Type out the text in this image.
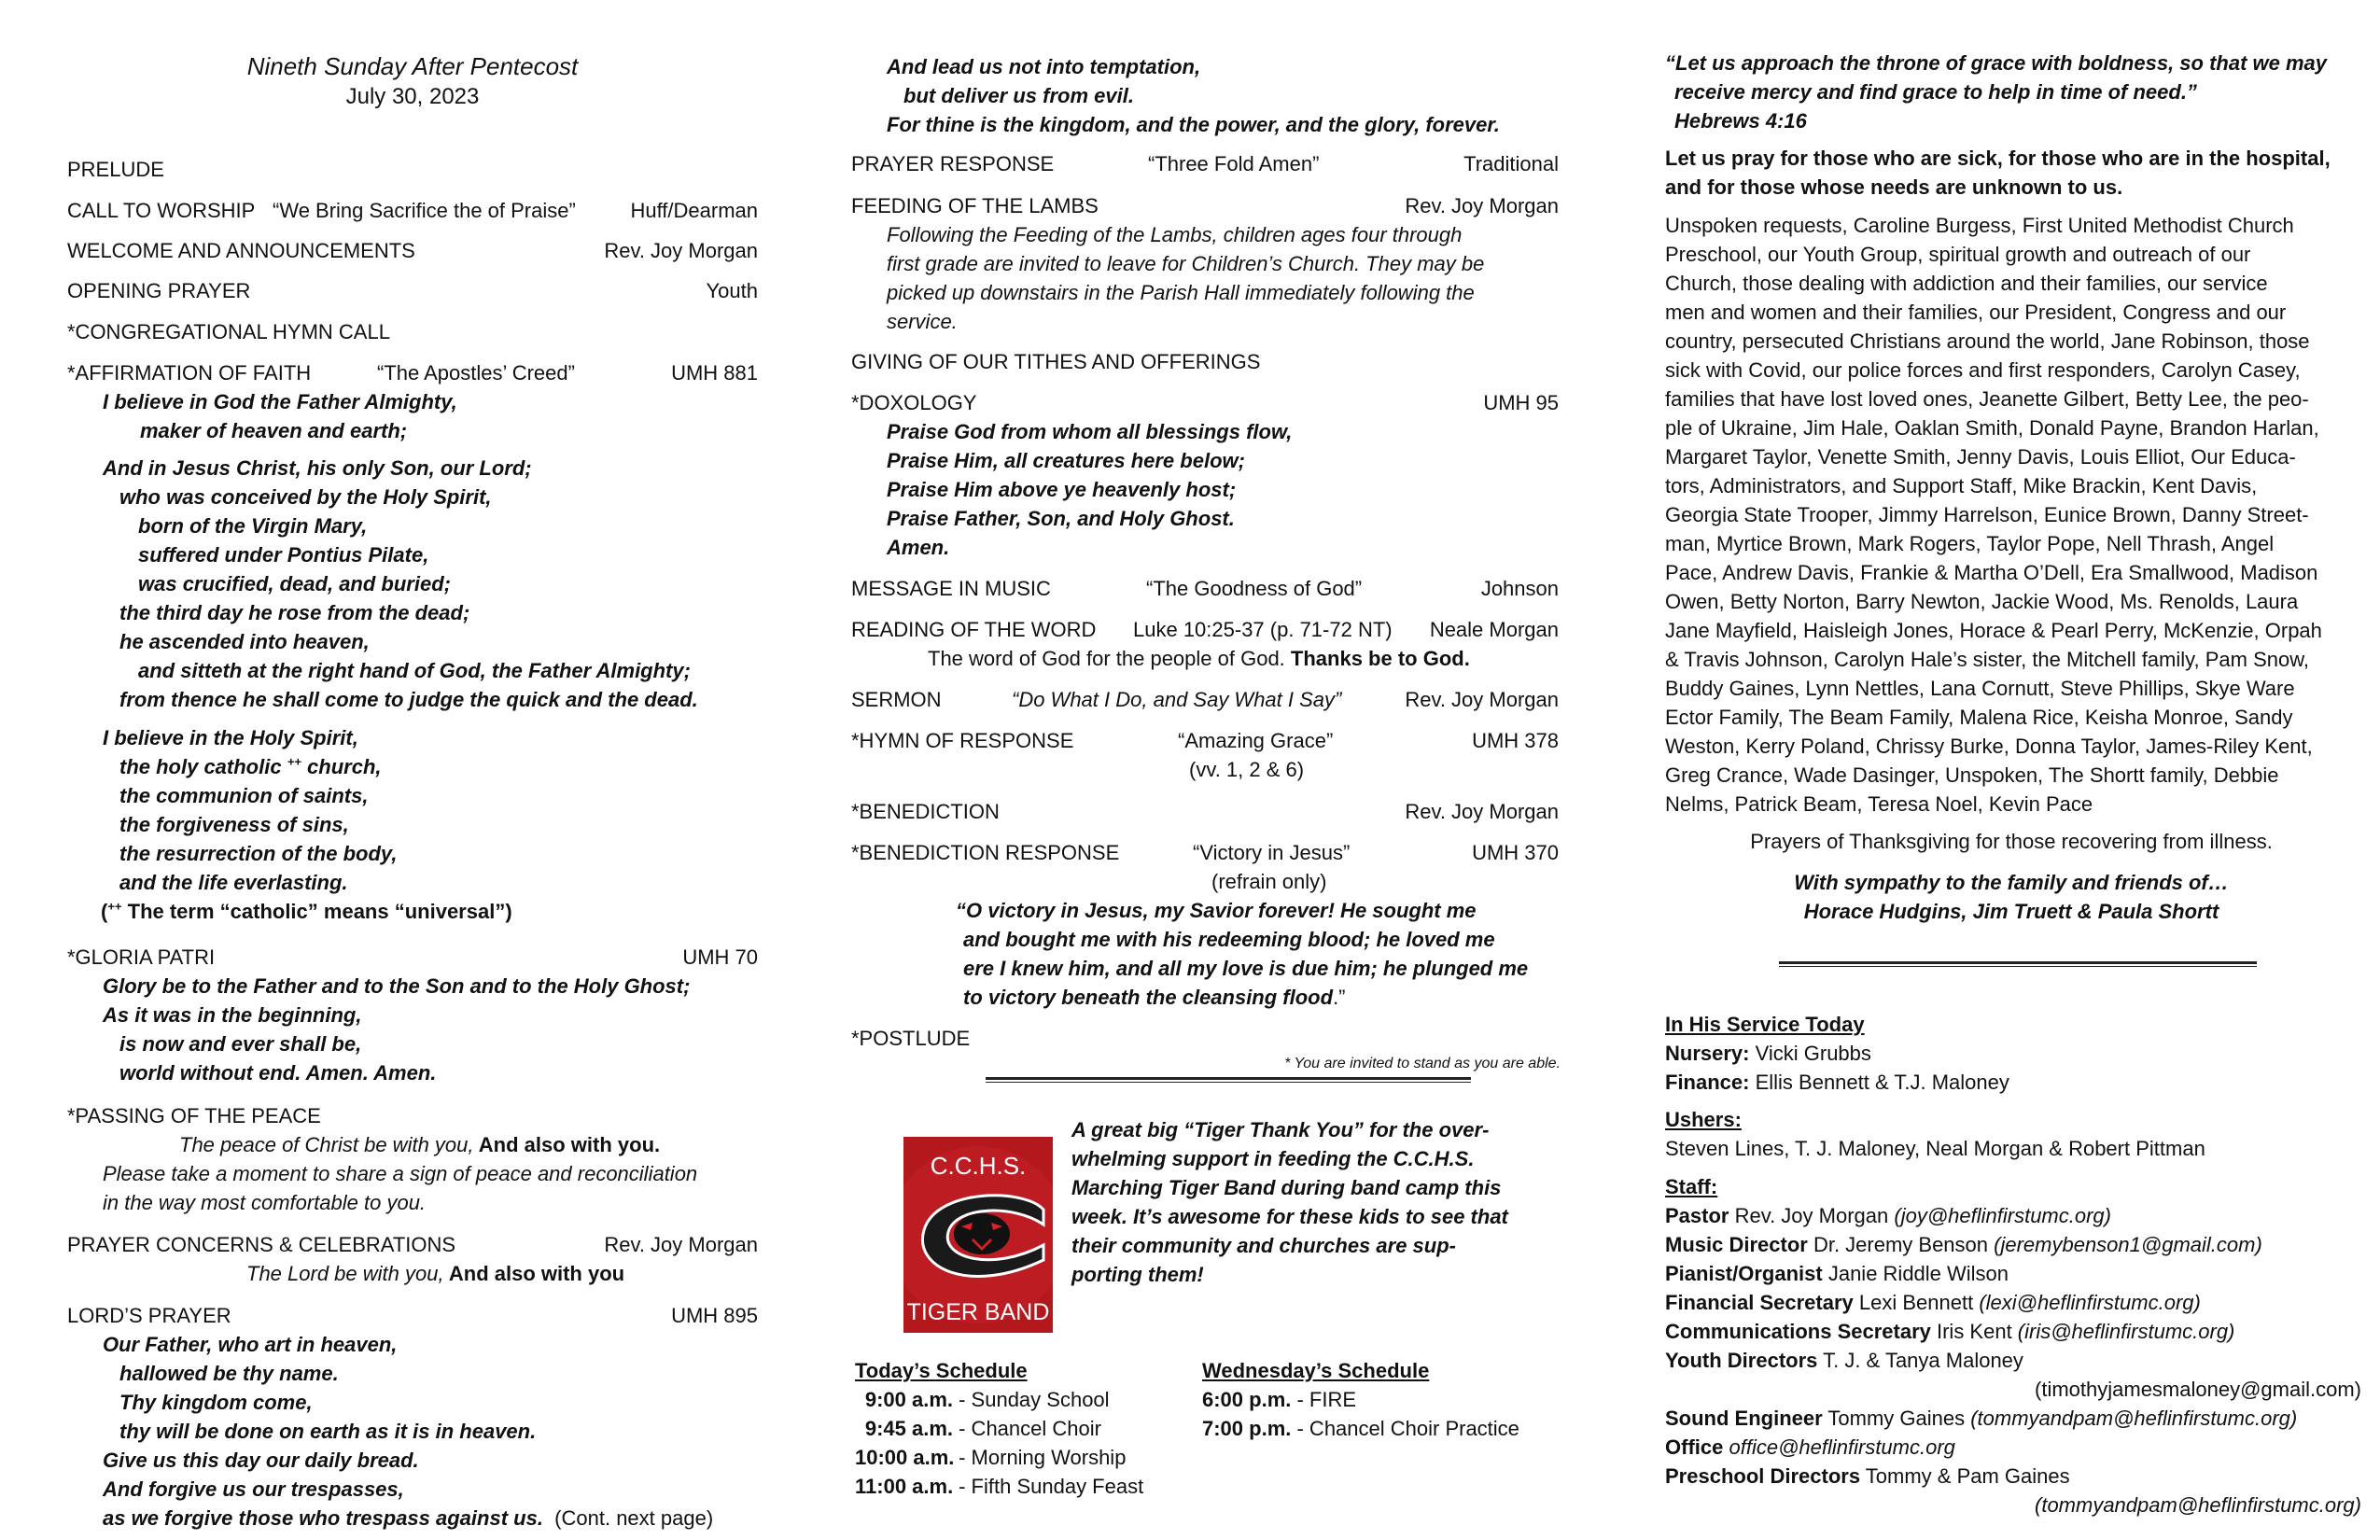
Nineth Sunday After Pentecost
July 30, 2023
PRELUDE
CALL TO WORSHIP “We Bring Sacrifice the of Praise”	Huff/Dearman
WELCOME AND ANNOUNCEMENTS	Rev. Joy Morgan
OPENING PRAYER	Youth
*CONGREGATIONAL HYMN CALL
*AFFIRMATION OF FAITH	“The Apostles’ Creed”	UMH 881
I believe in God the Father Almighty,
maker of heaven and earth;
And in Jesus Christ, his only Son, our Lord;
who was conceived by the Holy Spirit,
born of the Virgin Mary,
suffered under Pontius Pilate,
was crucified, dead, and buried;
the third day he rose from the dead;
he ascended into heaven,
and sitteth at the right hand of God, the Father Almighty;
from thence he shall come to judge the quick and the dead.
I believe in the Holy Spirit,
the holy catholic ++ church,
the communion of saints,
the forgiveness of sins,
the resurrection of the body,
and the life everlasting.
(++ The term “catholic” means “universal”)
*GLORIA PATRI	UMH 70
Glory be to the Father and to the Son and to the Holy Ghost;
As it was in the beginning,
is now and ever shall be,
world without end. Amen. Amen.
*PASSING OF THE PEACE
The peace of Christ be with you, And also with you.
Please take a moment to share a sign of peace and reconciliation
in the way most comfortable to you.
PRAYER CONCERNS & CELEBRATIONS	Rev. Joy Morgan
The Lord be with you, And also with you
LORD’S PRAYER	UMH 895
Our Father, who art in heaven,
hallowed be thy name.
Thy kingdom come,
thy will be done on earth as it is in heaven.
Give us this day our daily bread.
And forgive us our trespasses,
as we forgive those who trespass against us. (Cont. next page)
And lead us not into temptation,
but deliver us from evil.
For thine is the kingdom, and the power, and the glory, forever.
PRAYER RESPONSE	“Three Fold Amen”	Traditional
FEEDING OF THE LAMBS	Rev. Joy Morgan
Following the Feeding of the Lambs, children ages four through
first grade are invited to leave for Children’s Church. They may be
picked up downstairs in the Parish Hall immediately following the
service.
GIVING OF OUR TITHES AND OFFERINGS
*DOXOLOGY	UMH 95
Praise God from whom all blessings flow,
Praise Him, all creatures here below;
Praise Him above ye heavenly host;
Praise Father, Son, and Holy Ghost.
Amen.
MESSAGE IN MUSIC	“The Goodness of God”	Johnson
READING OF THE WORD Luke 10:25-37 (p. 71-72 NT) Neale Morgan
The word of God for the people of God. Thanks be to God.
SERMON	“Do What I Do, and Say What I Say”	Rev. Joy Morgan
*HYMN OF RESPONSE	“Amazing Grace”	UMH 378
(vv. 1, 2 & 6)
*BENEDICTION	Rev. Joy Morgan
*BENEDICTION RESPONSE	“Victory in Jesus”	UMH 370
(refrain only)
“O victory in Jesus, my Savior forever! He sought me
and bought me with his redeeming blood; he loved me
ere I knew him, and all my love is due him; he plunged me
to victory beneath the cleansing flood.”
*POSTLUDE
* You are invited to stand as you are able.
C.C.H.S.
TIGER BAND
A great big “Tiger Thank You” for the over-
whelming support in feeding the C.C.H.S.
Marching Tiger Band during band camp this
week. It’s awesome for these kids to see that
their community and churches are sup-
porting them!
Today’s Schedule
9:00 a.m. - Sunday School
9:45 a.m. - Chancel Choir
10:00 a.m. - Morning Worship
11:00 a.m. - Fifth Sunday Feast
Wednesday’s Schedule
6:00 p.m. - FIRE
7:00 p.m. - Chancel Choir Practice
“Let us approach the throne of grace with boldness, so that we may
receive mercy and find grace to help in time of need.”
Hebrews 4:16
Let us pray for those who are sick, for those who are in the hospital,
and for those whose needs are unknown to us.
Unspoken requests, Caroline Burgess, First United Methodist Church
Preschool, our Youth Group, spiritual growth and outreach of our
Church, those dealing with addiction and their families, our service
men and women and their families, our President, Congress and our
country, persecuted Christians around the world, Jane Robinson, those
sick with Covid, our police forces and first responders, Carolyn Casey,
families that have lost loved ones, Jeanette Gilbert, Betty Lee, the peo-
ple of Ukraine, Jim Hale, Oaklan Smith, Donald Payne, Brandon Harlan,
Margaret Taylor, Venette Smith, Jenny Davis, Louis Elliot, Our Educa-
tors, Administrators, and Support Staff, Mike Brackin, Kent Davis,
Georgia State Trooper, Jimmy Harrelson, Eunice Brown, Danny Street-
man, Myrtice Brown, Mark Rogers, Taylor Pope, Nell Thrash, Angel
Pace, Andrew Davis, Frankie & Martha O’Dell, Era Smallwood, Madison
Owen, Betty Norton, Barry Newton, Jackie Wood, Ms. Renolds, Laura
Jane Mayfield, Haisleigh Jones, Horace & Pearl Perry, McKenzie, Orpah
& Travis Johnson, Carolyn Hale’s sister, the Mitchell family, Pam Snow,
Buddy Gaines, Lynn Nettles, Lana Cornutt, Steve Phillips, Skye Ware
Ector Family, The Beam Family, Malena Rice, Keisha Monroe, Sandy
Weston, Kerry Poland, Chrissy Burke, Donna Taylor, James-Riley Kent,
Greg Crance, Wade Dasinger, Unspoken, The Shortt family, Debbie
Nelms, Patrick Beam, Teresa Noel, Kevin Pace
Prayers of Thanksgiving for those recovering from illness.
With sympathy to the family and friends of…
Horace Hudgins, Jim Truett & Paula Shortt
In His Service Today
Nursery: Vicki Grubbs
Finance: Ellis Bennett & T.J. Maloney
Ushers:
Steven Lines, T. J. Maloney, Neal Morgan & Robert Pittman
Staff:
Pastor Rev. Joy Morgan (joy@heflinfirstumc.org)
Music Director Dr. Jeremy Benson (jeremybenson1@gmail.com)
Pianist/Organist Janie Riddle Wilson
Financial Secretary Lexi Bennett (lexi@heflinfirstumc.org)
Communications Secretary Iris Kent (iris@heflinfirstumc.org)
Youth Directors T. J. & Tanya Maloney
(timothyjamesmaloney@gmail.com)
Sound Engineer Tommy Gaines (tommyandpam@heflinfirstumc.org)
Office office@heflinfirstumc.org
Preschool Directors Tommy & Pam Gaines
(tommyandpam@heflinfirstumc.org)
